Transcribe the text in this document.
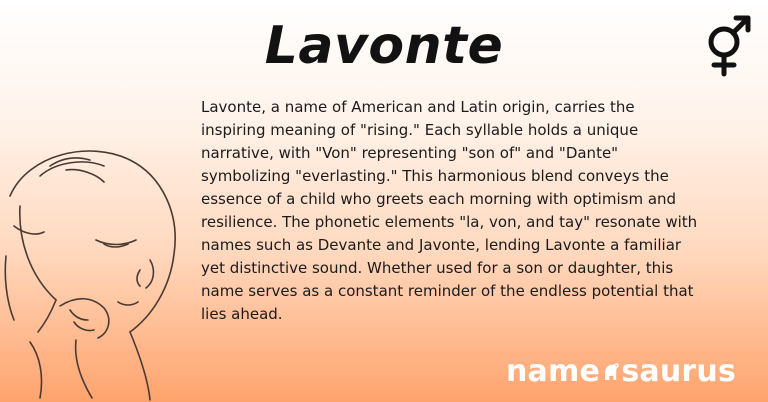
Lavonte

Lavonte, a name of American and Latin origin, carries the inspiring meaning of "rising." Each syllable holds a unique narrative, with "Von" representing "son of" and "Dante" symbolizing "everlasting." This harmonious blend conveys the essence of a child who greets each morning with optimism and resilience. The phonetic elements "la, von, and tay" resonate with names such as Devante and Javonte, lending Lavonte a familiar yet distinctive sound. Whether used for a son or daughter, this name serves as a constant reminder of the endless potential that lies ahead.

name saurus
